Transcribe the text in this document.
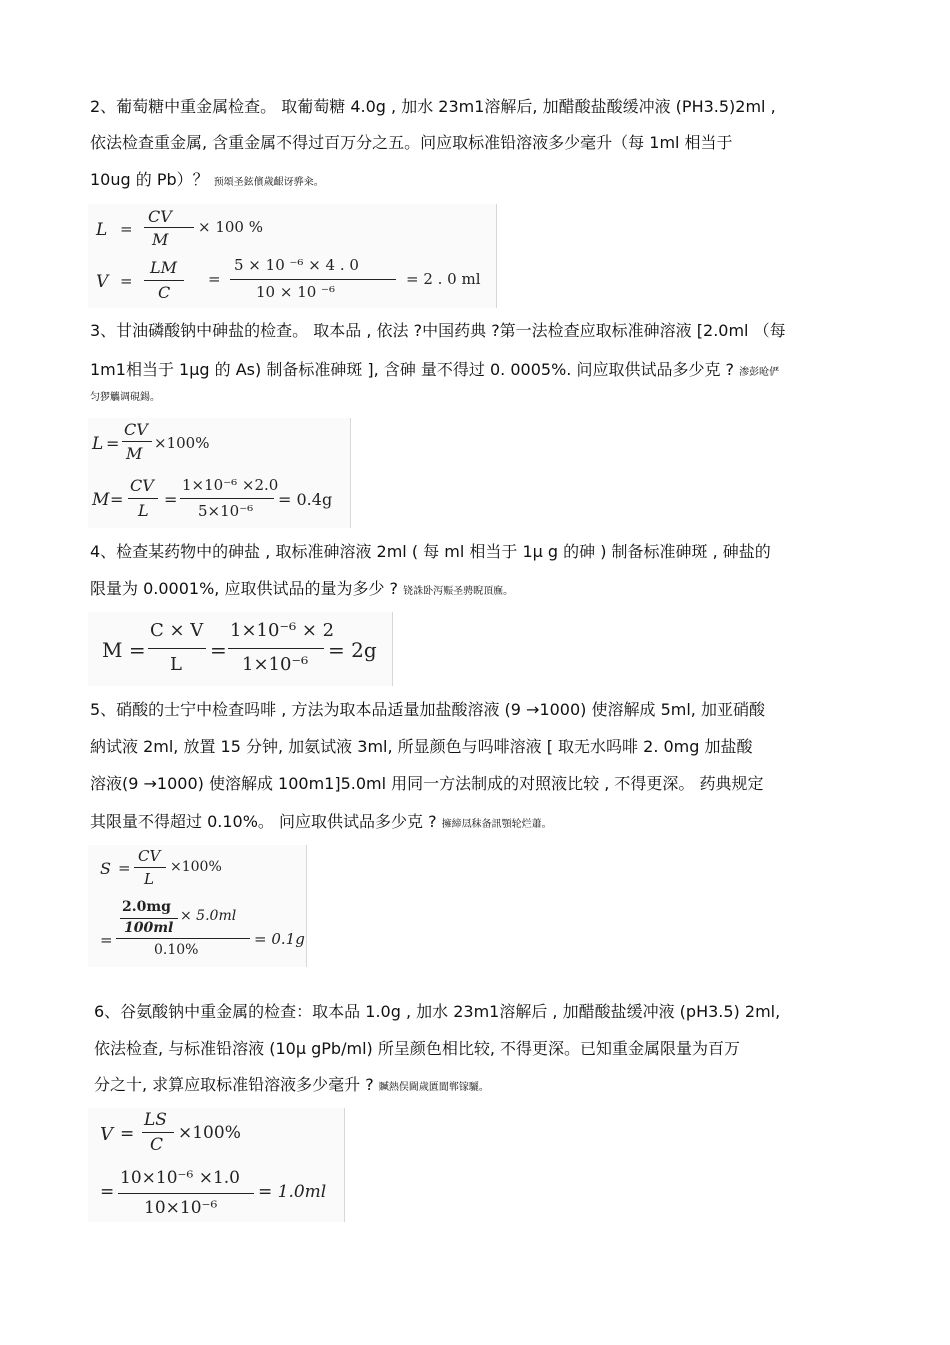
2、葡萄糖中重金属检查。 取葡萄糖 4.0g , 加水 23m1溶解后, 加醋酸盐酸缓冲液 (PH3.5)2ml ,
依法检查重金属, 含重金属不得过百万分之五。问应取标准铅溶液多少毫升（每 1ml 相当于
10ug 的 Pb）？ 预頌圣鉉儐歲齦讶骅籴。
L =
CV
M
× 100 %
V =
LM
C
=
5 × 10 ⁻⁶ × 4 . 0
10 × 10 ⁻⁶
= 2 . 0 ml
3、甘油磷酸钠中砷盐的检查。 取本品 , 依法 ?中国药典 ?第一法检查应取标准砷溶液 [2.0ml （每
1m1相当于 1μg 的 As) 制备标准砷斑 ], 含砷 量不得过 0. 0005%. 问应取供试品多少克 ? 渗彭呛俨
匀猡觿调硯鍚。
L =
CV
M
×100%
M =
CV
L
=
1×10⁻⁶ ×2.0
5×10⁻⁶
= 0.4g
4、检查某药物中的砷盐 , 取标准砷溶液 2ml ( 每 ml 相当于 1μ g 的砷 ) 制备标准砷斑 , 砷盐的
限量为 0.0001%, 应取供试品的量为多少 ? 铙誅卧泻赈圣骋睨頂廡。
M =
C × V
L
=
1×10⁻⁶ × 2
1×10⁻⁶
= 2g
5、硝酸的士宁中检查吗啡 , 方法为取本品适量加盐酸溶液 (9 →1000) 使溶解成 5ml, 加亚硝酸
納试液 2ml, 放置 15 分钟, 加氨试液 3ml, 所显颜色与吗啡溶液 [ 取无水吗啡 2. 0mg 加盐酸
溶液(9 →1000) 使溶解成 100m1]5.0ml 用同一方法制成的对照液比较 , 不得更深。 药典规定
其限量不得超过 0.10%。 问应取供试品多少克 ? 擁締凨秣备訊顎轮烂蕭。
S =
CV
L
×100%
2.0mg
100ml
× 5.0ml
=
0.10%
= 0.1g
6、谷氨酸钠中重金属的检查：取本品 1.0g , 加水 23m1溶解后 , 加醋酸盐缓冲液 (pH3.5) 2ml,
依法检查, 与标准铅溶液 (10μ gPb/ml) 所呈颜色相比较, 不得更深。已知重金属限量为百万
分之十, 求算应取标准铅溶液多少毫升 ? 贓熱俣閫歲匱閬郸镓驪。
V =
LS
C
×100%
=
10×10⁻⁶ ×1.0
10×10⁻⁶
= 1.0ml
